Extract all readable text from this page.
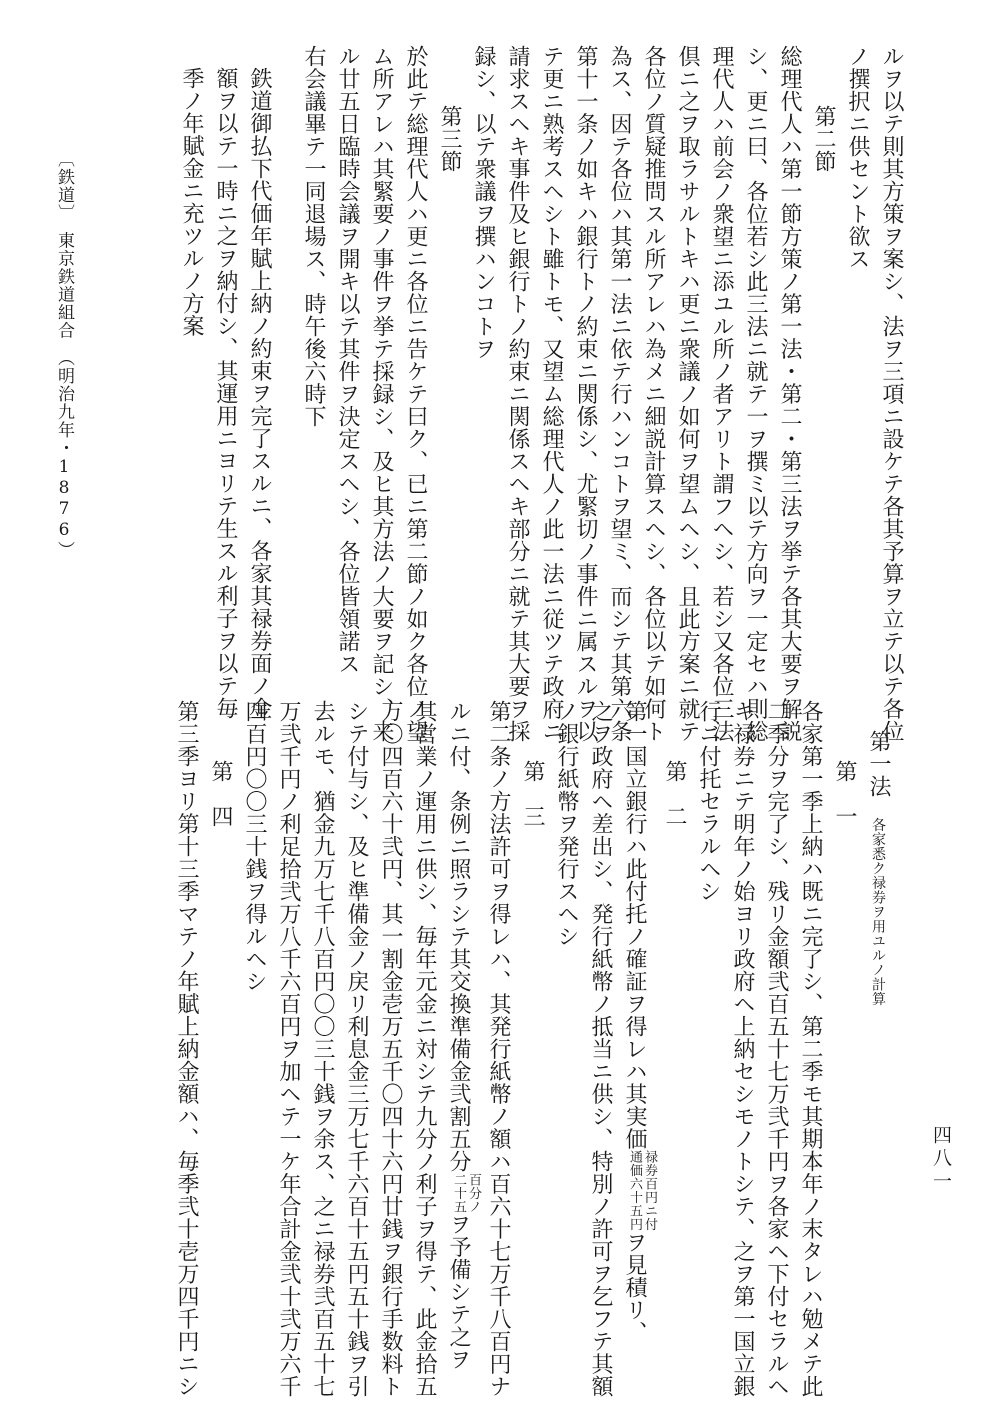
四八一
〔鉄道〕　東京鉄道組合　（明治九年・1876）	ルヲ以テ則其方策ヲ案シ、法ヲ三項ニ設ケテ各其予算ヲ立テ以テ各位
ノ撰択ニ供セント欲ス
第二節
総理代人ハ第一節方策ノ第一法・第二・第三法ヲ挙テ各其大要ヲ解説
シ、更ニ曰、各位若シ此三法ニ就テ一ヲ撰ミ以テ方向ヲ一定セハ則総
理代人ハ前会ノ衆望ニ添ユル所ノ者アリト謂フヘシ、若シ又各位三法
倶ニ之ヲ取ラサルトキハ更ニ衆議ノ如何ヲ望ムヘシ、且此方案ニ就テ
各位ノ質疑推問スル所アレハ為メニ細説計算スヘシ、各位以テ如何ト
為ス、因テ各位ハ其第一法ニ依テ行ハンコトヲ望ミ、而シテ其第六条
第十一条ノ如キハ銀行トノ約束ニ関係シ、尤緊切ノ事件ニ属スルヲ以
テ更ニ熟考スヘシト雖トモ、又望ム総理代人ノ此一法ニ従ツテ政府ニ
請求スヘキ事件及ヒ銀行トノ約束ニ関係スヘキ部分ニ就テ其大要ヲ採
録シ、以テ衆議ヲ撰ハンコトヲ
第三節
於此テ総理代人ハ更ニ各位ニ告ケテ曰ク、已ニ第二節ノ如ク各位ノ望
ム所アレハ其緊要ノ事件ヲ挙テ採録シ、及ヒ其方法ノ大要ヲ記シ、来
ル廿五日臨時会議ヲ開キ以テ其件ヲ決定スヘシ、各位皆領諾ス
右会議畢テ一同退場ス、時午後六時下
鉄道御払下代価年賦上納ノ約束ヲ完了スルニ、各家其禄券面ノ金
額ヲ以テ一時ニ之ヲ納付シ、其運用ニヨリテ生スル利子ヲ以テ毎
季ノ年賦金ニ充ツルノ方案
第一法各家悉ク禄券ヲ用ユルノ計算
第　一
各家第一季上納ハ既ニ完了シ、第二季モ其期本年ノ末タレハ勉メテ此
二季分ヲ完了シ、残リ金額弐百五十七万弐千円ヲ各家ヘ下付セラルヘ
キ禄券ニテ明年ノ始ヨリ政府ヘ上納セシモノトシテ、之ヲ第一国立銀
行ニ付托セラルヘシ
第　二
第一国立銀行ハ此付托ノ確証ヲ得レハ其実価禄券百円ニ付
通価六十五円ヲ見積リ、
之ヲ政府ヘ差出シ、発行紙幣ノ抵当ニ供シ、特別ノ許可ヲ乞フテ其額
ノ銀行紙幣ヲ発行スヘシ
第　三
第二条ノ方法許可ヲ得レハ、其発行紙幣ノ額ハ百六十七万千八百円ナ
ルニ付、条例ニ照ラシテ其交換準備金弐割五分百分ノ
二十五ヲ予備シテ之ヲ
其営業ノ運用ニ供シ、毎年元金ニ対シテ九分ノ利子ヲ得テ、此金拾五
万〇四百六十弐円、其一割金壱万五千〇四十六円廿銭ヲ銀行手数料ト
シテ付与シ、及ヒ準備金ノ戻リ利息金三万七千六百十五円五十銭ヲ引
去ルモ、猶金九万七千八百円〇〇三十銭ヲ余ス、之ニ禄券弐百五十七
万弐千円ノ利足拾弐万八千六百円ヲ加ヘテ一ケ年合計金弐十弐万六千
四百円〇〇三十銭ヲ得ルヘシ
第　四
第三季ヨリ第十三季マテノ年賦上納金額ハ、毎季弐十壱万四千円ニシ
